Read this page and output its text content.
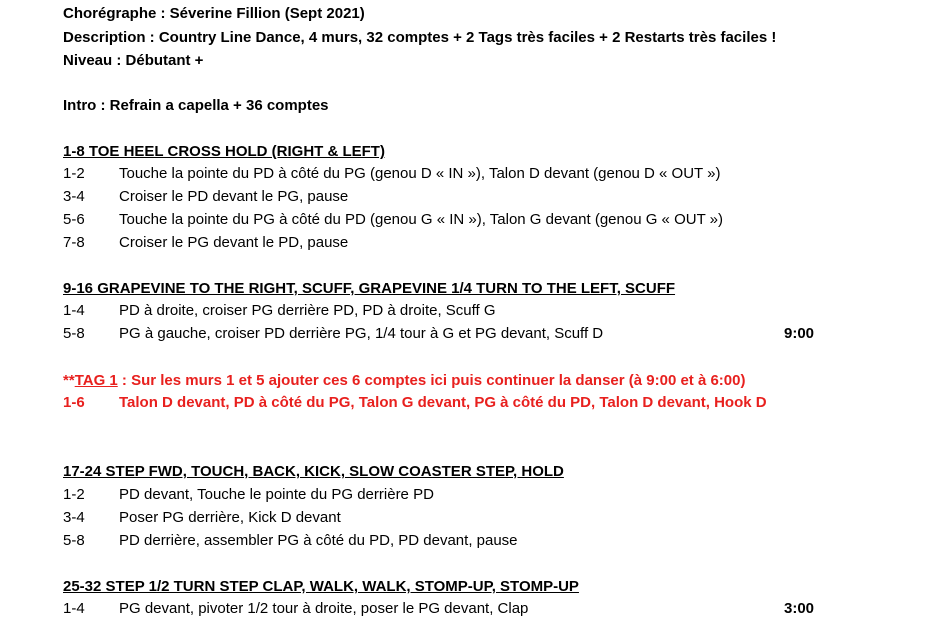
Chorégraphe : Séverine Fillion (Sept 2021)
Description : Country Line Dance, 4 murs, 32 comptes + 2 Tags très faciles + 2 Restarts très faciles !
Niveau : Débutant +
Intro : Refrain a capella + 36 comptes
1-8 TOE HEEL CROSS HOLD (RIGHT & LEFT)
1-2 Touche la pointe du PD à côté du PG (genou D « IN »), Talon D devant (genou D « OUT »)
3-4 Croiser le PD devant le PG, pause
5-6 Touche la pointe du PG à côté du PD (genou G « IN »), Talon G devant (genou G « OUT »)
7-8 Croiser le PG devant le PD, pause
9-16 GRAPEVINE TO THE RIGHT, SCUFF, GRAPEVINE 1/4 TURN TO THE LEFT, SCUFF
1-4 PD à droite, croiser PG derrière PD, PD à droite, Scuff G
5-8 PG à gauche, croiser PD derrière PG, 1/4 tour à G et PG devant, Scuff D	9:00
**TAG 1 : Sur les murs 1 et 5 ajouter ces 6 comptes ici puis continuer la danser (à 9:00 et à 6:00)
1-6 Talon D devant, PD à côté du PG, Talon G devant, PG à côté du PD, Talon D devant, Hook D
17-24 STEP FWD, TOUCH, BACK, KICK, SLOW COASTER STEP, HOLD
1-2 PD devant, Touche le pointe du PG derrière PD
3-4 Poser PG derrière, Kick D devant
5-8 PD derrière, assembler PG à côté du PD, PD devant, pause
25-32 STEP 1/2 TURN STEP CLAP, WALK, WALK, STOMP-UP, STOMP-UP
1-4 PG devant, pivoter 1/2 tour à droite, poser le PG devant, Clap	3:00
